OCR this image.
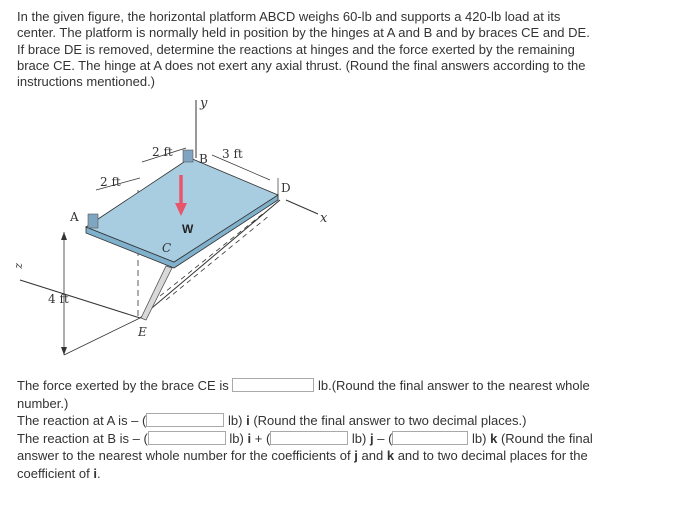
In the given figure, the horizontal platform ABCD weighs 60-lb and supports a 420-lb load at its
center. The platform is normally held in position by the hinges at A and B and by braces CE and DE.
If brace DE is removed, determine the reactions at hinges and the force exerted by the remaining
brace CE. The hinge at A does not exert any axial thrust. (Round the final answers according to the
instructions mentioned.)
y
x
z
W
2 ft B 3 ft
D
2 ft
A
C
E
4 ft
The force exerted by the brace CE is	lb.(Round the final answer to the nearest whole
number.)
The reaction at A is – (	lb) i (Round the final answer to two decimal places.)
The reaction at B is – (	lb) i + (	lb) j – (	lb) k (Round the final
answer to the nearest whole number for the coefficients of j and k and to two decimal places for the
coefficient of i.
